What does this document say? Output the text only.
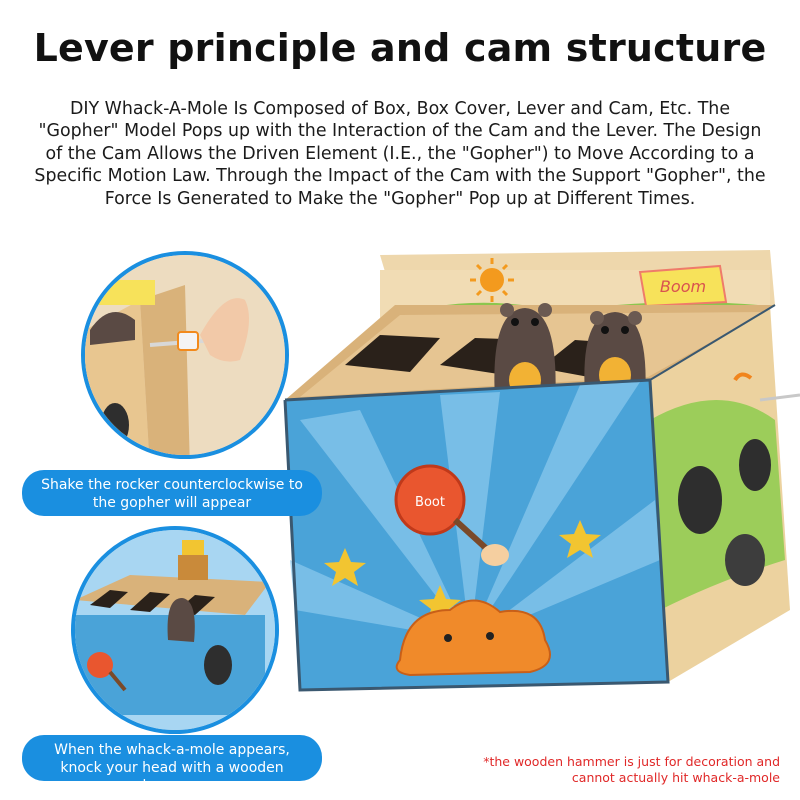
Lever principle and cam structure

DIY Whack-A-Mole Is Composed of Box, Box Cover, Lever and Cam, Etc. The "Gopher" Model Pops up with the Interaction of the Cam and the Lever. The Design of the Cam Allows the Driven Element (I.E., the "Gopher") to Move According to a Specific Motion Law. Through the Impact of the Cam with the Support "Gopher", the Force Is Generated to Make the "Gopher" Pop up at Different Times.

Boom
Boot
Shake the rocker counterclockwise to the gopher will appear
When the whack-a-mole appears, knock your head with a wooden hammer
*the wooden hammer is just for decoration and cannot actually hit whack-a-mole
